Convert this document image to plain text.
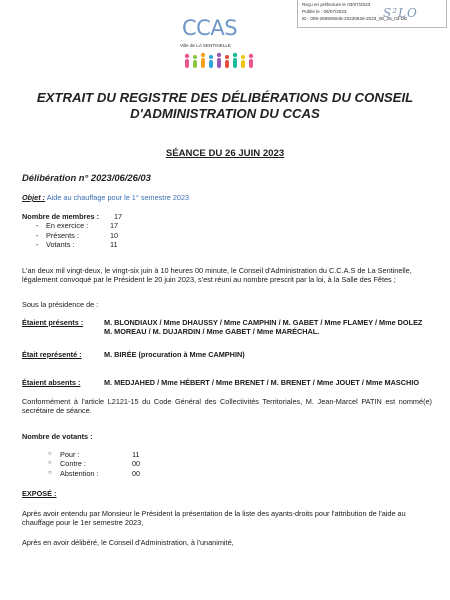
Reçu en préfecture le 03/07/2023
Publié le : 05/07/2023
ID : 059-265905646-20230626-2023_06_26_03-DE
S²LO
CCAS
Ville de LA SENTINELLE
EXTRAIT DU REGISTRE DES DÉLIBÉRATIONS DU CONSEIL D'ADMINISTRATION DU CCAS
SÉANCE DU 26 JUIN 2023
Délibération n° 2023/06/26/03
Objet : Aide au chauffage pour le 1° semestre 2023
Nombre de membres :	17
-	En exercice :	17
-	Présents :	10
-	Votants :	11
L'an deux mil vingt-deux, le vingt-six juin à 10 heures 00 minute, le Conseil d'Administration du C.C.A.S de La Sentinelle, légalement convoqué par le Président le 20 juin 2023, s'est réuni au nombre prescrit par la loi, à la Salle des Fêtes ;
Sous la présidence de :
Étaient présents :	M. BLONDIAUX / Mme DHAUSSY / Mme CAMPHIN / M. GABET / Mme FLAMEY / Mme DOLEZ
M. MOREAU / M. DUJARDIN / Mme GABET / Mme MARÉCHAL.
Était représenté :	M. BIRÉE (procuration à Mme CAMPHIN)
Étaient absents :	M. MEDJAHED / Mme HÉBERT / Mme BRENET / M. BRENET / Mme JOUET / Mme MASCHIO
Conformément à l'article L2121-15 du Code Général des Collectivités Territoriales, M. Jean-Marcel PATIN est nommé(e) secrétaire de séance.
Nombre de votants :
○	Pour :	11
○	Contre :	00
○	Abstention :	00
EXPOSÉ :
Après avoir entendu par Monsieur le Président la présentation de la liste des ayants-droits pour l'attribution de l'aide au chauffage pour le 1er semestre 2023,
Après en avoir délibéré, le Conseil d'Administration, à l'unanimité,
